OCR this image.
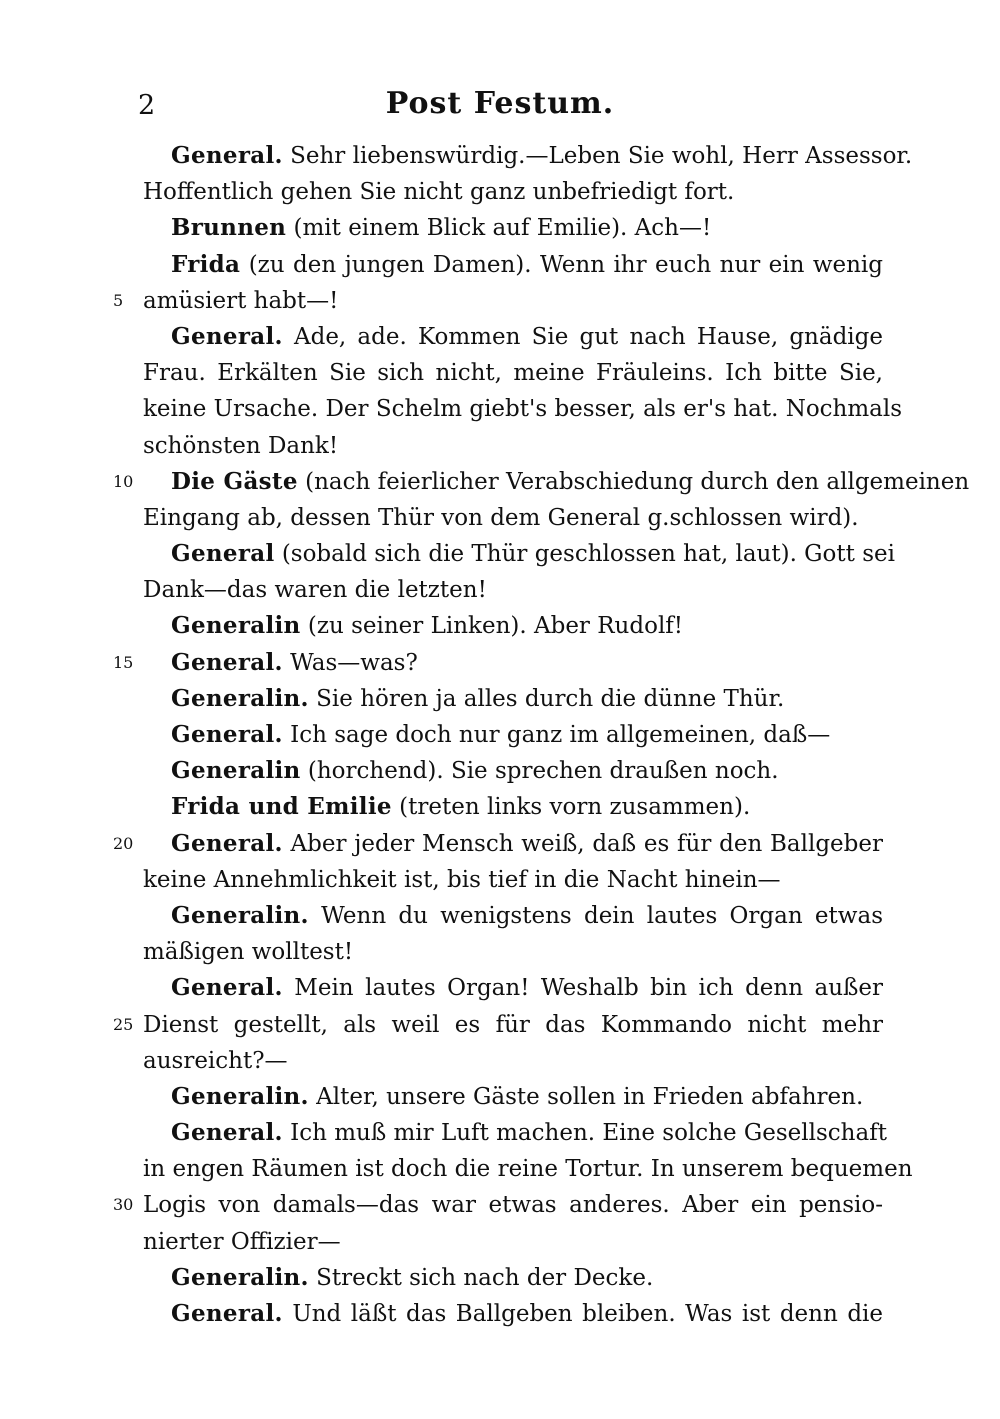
2	Post Festum.
General. Sehr liebenswürdig.—Leben Sie wohl, Herr Assessor.
Hoffentlich gehen Sie nicht ganz unbefriedigt fort.
Brunnen (mit einem Blick auf Emilie). Ach—!
Frida (zu den jungen Damen). Wenn ihr euch nur ein wenig
5 amüsiert habt—!
General. Ade, ade. Kommen Sie gut nach Hause, gnädige
Frau. Erkälten Sie sich nicht, meine Fräuleins. Ich bitte Sie,
keine Ursache. Der Schelm giebt's besser, als er's hat. Nochmals
schönsten Dank!
10 Die Gäste (nach feierlicher Verabschiedung durch den allgemeinen
Eingang ab, dessen Thür von dem General g.schlossen wird).
General (sobald sich die Thür geschlossen hat, laut). Gott sei
Dank—das waren die letzten!
Generalin (zu seiner Linken). Aber Rudolf!
15 General. Was—was?
Generalin. Sie hören ja alles durch die dünne Thür.
General. Ich sage doch nur ganz im allgemeinen, daß—
Generalin (horchend). Sie sprechen draußen noch.
Frida und Emilie (treten links vorn zusammen).
20 General. Aber jeder Mensch weiß, daß es für den Ballgeber
keine Annehmlichkeit ist, bis tief in die Nacht hinein—
Generalin. Wenn du wenigstens dein lautes Organ etwas
mäßigen wolltest!
General. Mein lautes Organ! Weshalb bin ich denn außer
25 Dienst gestellt, als weil es für das Kommando nicht mehr
ausreicht?—
Generalin. Alter, unsere Gäste sollen in Frieden abfahren.
General. Ich muß mir Luft machen. Eine solche Gesellschaft
in engen Räumen ist doch die reine Tortur. In unserem bequemen
30 Logis von damals—das war etwas anderes. Aber ein pensio-
nierter Offizier—
Generalin. Streckt sich nach der Decke.
General. Und läßt das Ballgeben bleiben. Was ist denn die
